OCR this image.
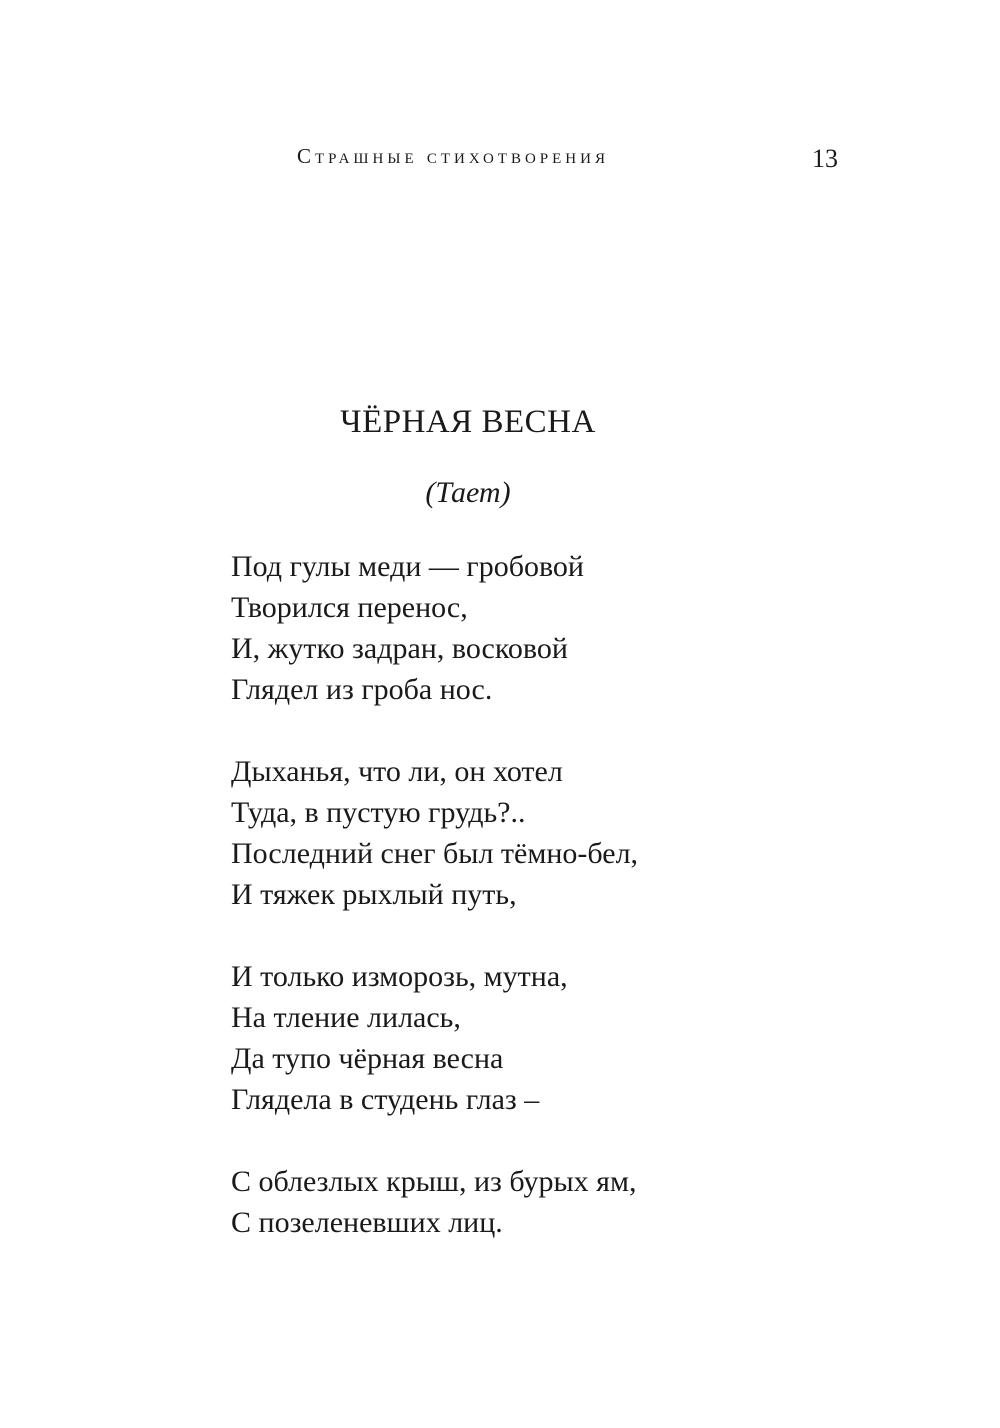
Страшные стихотворения	13
ЧЁРНАЯ ВЕСНА
(Тает)
Под гулы меди — гробовой
Творился перенос,
И, жутко задран, восковой
Глядел из гроба нос.
Дыханья, что ли, он хотел
Туда, в пустую грудь?..
Последний снег был тёмно-бел,
И тяжек рыхлый путь,
И только изморозь, мутна,
На тление лилась,
Да тупо чёрная весна
Глядела в студень глаз –
С облезлых крыш, из бурых ям,
С позеленевших лиц.
